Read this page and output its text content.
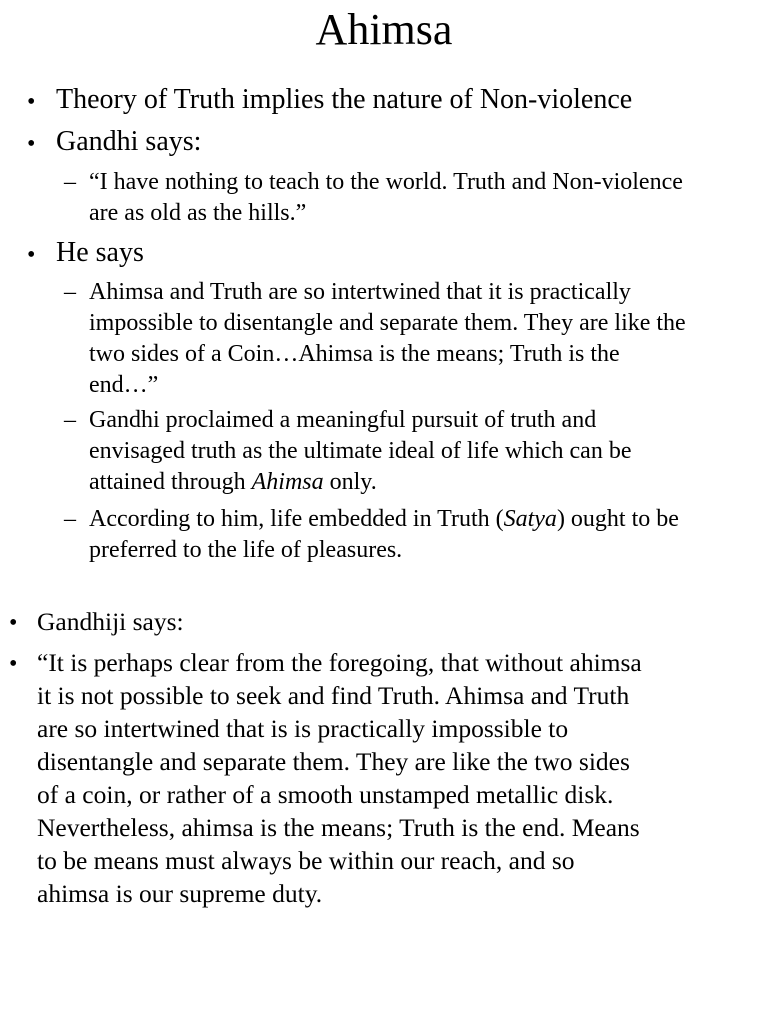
Ahimsa
• Theory of Truth implies the nature of Non-violence
• Gandhi says:
– “I have nothing to teach to the world. Truth and Non-violence
are as old as the hills.”
• He says
– Ahimsa and Truth are so intertwined that it is practically
impossible to disentangle and separate them. They are like the
two sides of a Coin…Ahimsa is the means; Truth is the
end…”
– Gandhi proclaimed a meaningful pursuit of truth and
envisaged truth as the ultimate ideal of life which can be
attained through Ahimsa only.
– According to him, life embedded in Truth (Satya) ought to be
preferred to the life of pleasures.
• Gandhiji says:
• “It is perhaps clear from the foregoing, that without ahimsa
it is not possible to seek and find Truth. Ahimsa and Truth
are so intertwined that is is practically impossible to
disentangle and separate them. They are like the two sides
of a coin, or rather of a smooth unstamped metallic disk.
Nevertheless, ahimsa is the means; Truth is the end. Means
to be means must always be within our reach, and so
ahimsa is our supreme duty.
